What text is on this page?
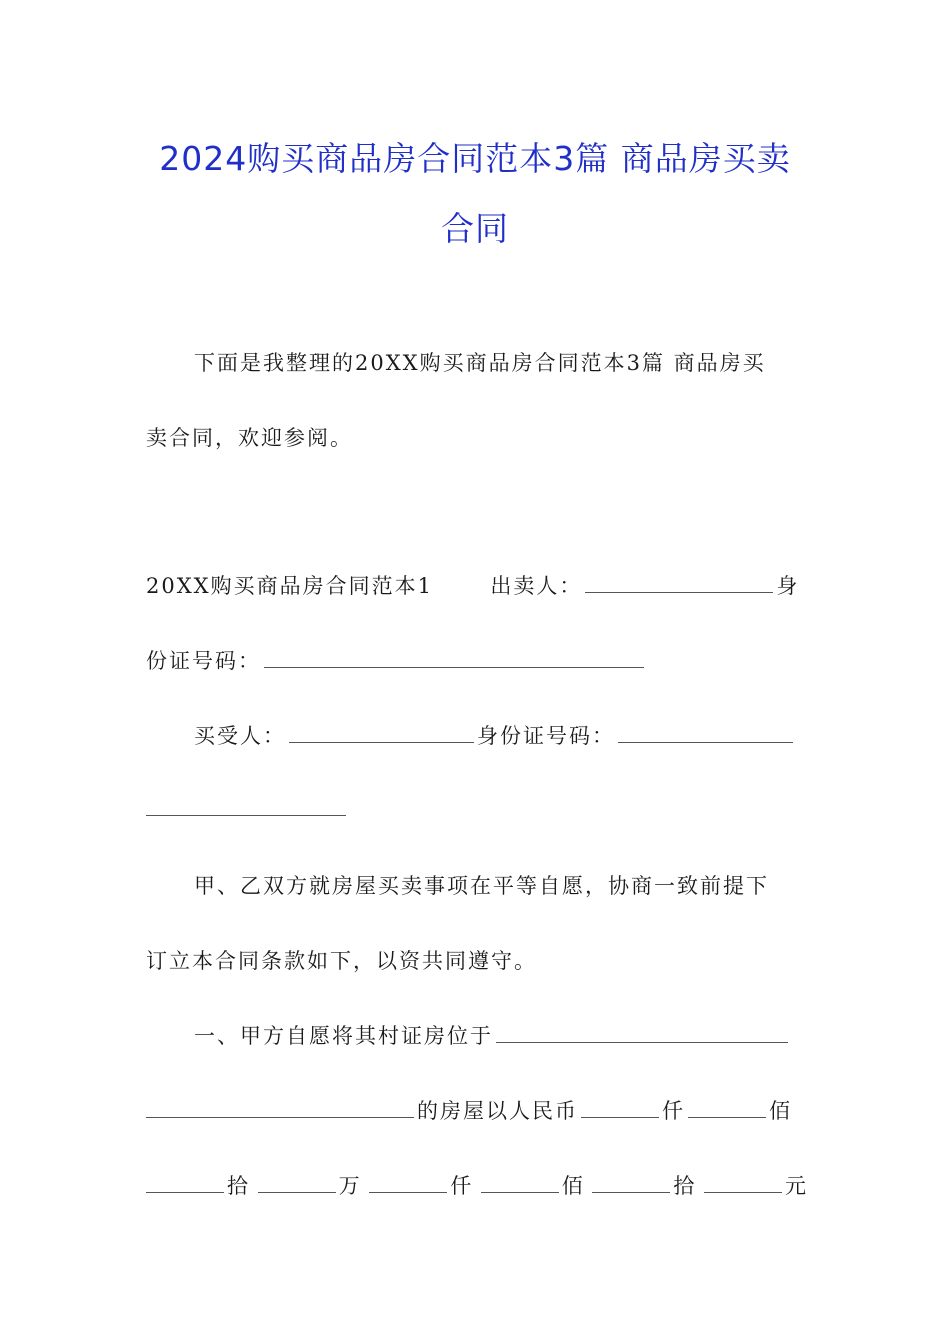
2024购买商品房合同范本3篇 商品房买卖
合同
下面是我整理的20XX购买商品房合同范本3篇 商品房买
卖合同，欢迎参阅。
20XX购买商品房合同范本1	出卖人：	身
份证号码：
买受人：	身份证号码：
甲、乙双方就房屋买卖事项在平等自愿，协商一致前提下
订立本合同条款如下，以资共同遵守。
一、甲方自愿将其村证房位于
的房屋以人民币	仟	佰
拾	万	仟	佰	拾	元
